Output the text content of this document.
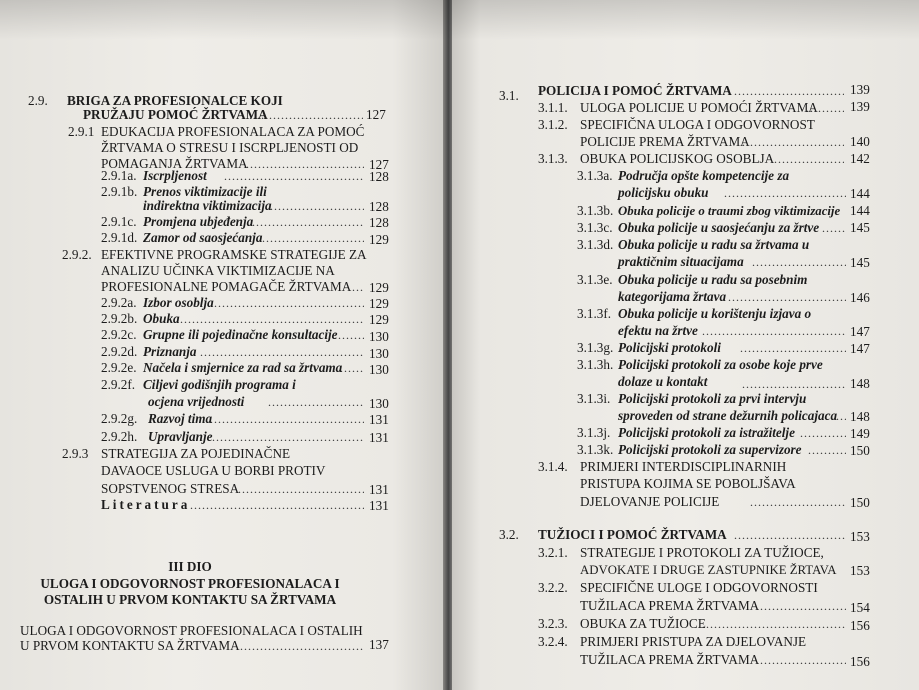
2.9. BRIGA ZA PROFESIONALCE KOJI
PRUŽAJU POMOĆ ŽRTVAMA .....	127
2.9.1 EDUKACIJA PROFESIONALACA ZA POMOĆ
ŽRTVAMA O STRESU I ISCRPLJENOSTI OD
POMAGANJA ŽRTVAMA .....	127
2.9.1a. Iscrpljenost .....	128
2.9.1b. Prenos viktimizacije ili
indirektna viktimizacija .....	128
2.9.1c. Promjena ubjeđenja .....	128
2.9.1d. Zamor od saosjećanja .....	129
2.9.2. EFEKTIVNE PROGRAMSKE STRATEGIJE ZA
ANALIZU UČINKA VIKTIMIZACIJE NA
PROFESIONALNE POMAGAČE ŽRTVAMA ..... 129
2.9.2a. Izbor osoblja .....	129
2.9.2b. Obuka .....	129
2.9.2c. Grupne ili pojedinačne konsultacije ..... 130
2.9.2d. Priznanja .....	130
2.9.2e. Načela i smjernice za rad sa žrtvama ..... 130
2.9.2f. Ciljevi godišnjih programa i
ocjena vrijednosti .....	130
2.9.2g. Razvoj tima .....	131
2.9.2h. Upravljanje .....	131
2.9.3 STRATEGIJA ZA POJEDINAČNE
DAVAOCE USLUGA U BORBI PROTIV
SOPSTVENOG STRESA .....	131
Literatura .....	131
III DIO
ULOGA I ODGOVORNOST PROFESIONALACA I
OSTALIH U PRVOM KONTAKTU SA ŽRTVAMA
ULOGA I ODGOVORNOST PROFESIONALACA I OSTALIH
U PRVOM KONTAKTU SA ŽRTVAMA .....	137
3.1. POLICIJA I POMOĆ ŽRTVAMA .....	139
3.1.1. ULOGA POLICIJE U POMOĆI ŽRTVAMA ..... 139
3.1.2. SPECIFIČNA ULOGA I ODGOVORNOST
POLICIJE PREMA ŽRTVAMA .....	140
3.1.3. OBUKA POLICIJSKOG OSOBLJA .....	142
3.1.3a. Područja opšte kompetencije za
policijsku obuku .....	144
3.1.3b. Obuka policije o traumi zbog viktimizacije 144
3.1.3c. Obuka policije u saosjećanju za žrtve ..... 145
3.1.3d. Obuka policije u radu sa žrtvama u
praktičnim situacijama .....	145
3.1.3e. Obuka policije u radu sa posebnim
kategorijama žrtava .....	146
3.1.3f. Obuka policije u korištenju izjava o
efektu na žrtve .....	147
3.1.3g. Policijski protokoli .....	147
3.1.3h. Policijski protokoli za osobe koje prve
dolaze u kontakt .....	148
3.1.3i. Policijski protokoli za prvi intervju
sproveden od strane dežurnih policajaca ..... 148
3.1.3j. Policijski protokoli za istražitelje .....	149
3.1.3k. Policijski protokoli za supervizore .....	150
3.1.4. PRIMJERI INTERDISCIPLINARNIH
PRISTUPA KOJIMA SE POBOLJŠAVA
DJELOVANJE POLICIJE .....	150
3.2. TUŽIOCI I POMOĆ ŽRTVAMA .....	153
3.2.1. STRATEGIJE I PROTOKOLI ZA TUŽIOCE,
ADVOKATE I DRUGE ZASTUPNIKE ŽRTAVA 153
3.2.2. SPECIFIČNE ULOGE I ODGOVORNOSTI
TUŽILACA PREMA ŽRTVAMA .....	154
3.2.3. OBUKA ZA TUŽIOCE .....	156
3.2.4. PRIMJERI PRISTUPA ZA DJELOVANJE
TUŽILACA PREMA ŽRTVAMA .....	156
